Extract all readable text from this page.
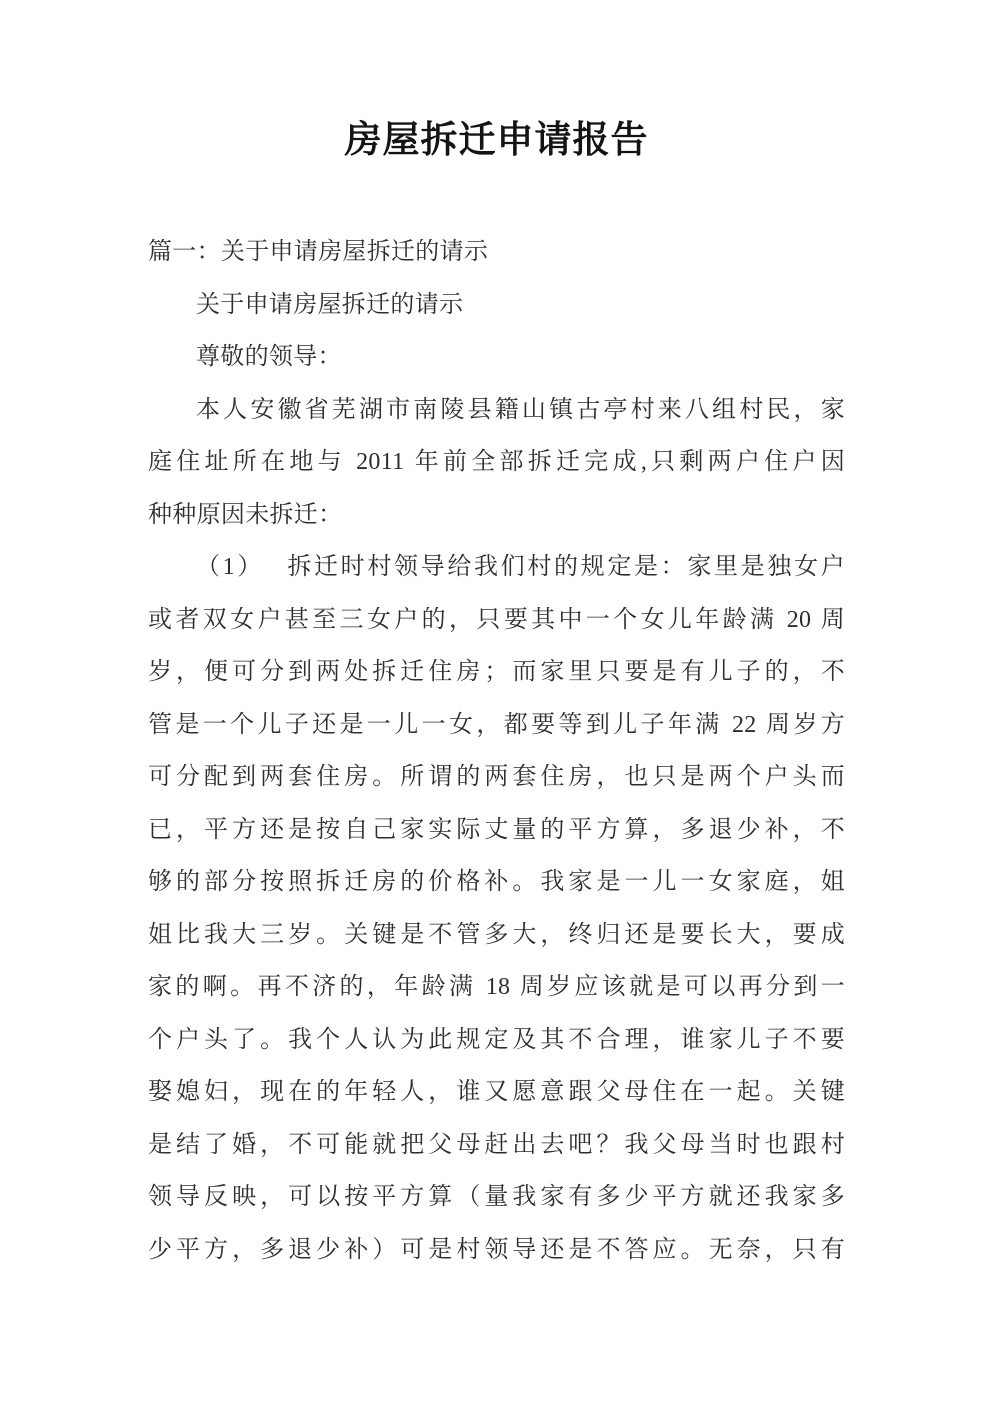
房屋拆迁申请报告
篇一：关于申请房屋拆迁的请示
关于申请房屋拆迁的请示
尊敬的领导：
本人安徽省芜湖市南陵县籍山镇古亭村来八组村民，家
庭住址所在地与 2011 年前全部拆迁完成,只剩两户住户因
种种原因未拆迁：
（1）　 拆迁时村领导给我们村的规定是：家里是独女户
或者双女户甚至三女户的，只要其中一个女儿年龄满 20 周
岁，便可分到两处拆迁住房；而家里只要是有儿子的，不
管是一个儿子还是一儿一女，都要等到儿子年满 22 周岁方
可分配到两套住房。所谓的两套住房，也只是两个户头而
已，平方还是按自己家实际丈量的平方算，多退少补，不
够的部分按照拆迁房的价格补。我家是一儿一女家庭，姐
姐比我大三岁。关键是不管多大，终归还是要长大，要成
家的啊。再不济的，年龄满 18 周岁应该就是可以再分到一
个户头了。我个人认为此规定及其不合理，谁家儿子不要
娶媳妇，现在的年轻人，谁又愿意跟父母住在一起。关键
是结了婚，不可能就把父母赶出去吧？我父母当时也跟村
领导反映，可以按平方算（量我家有多少平方就还我家多
少平方，多退少补）可是村领导还是不答应。无奈，只有
